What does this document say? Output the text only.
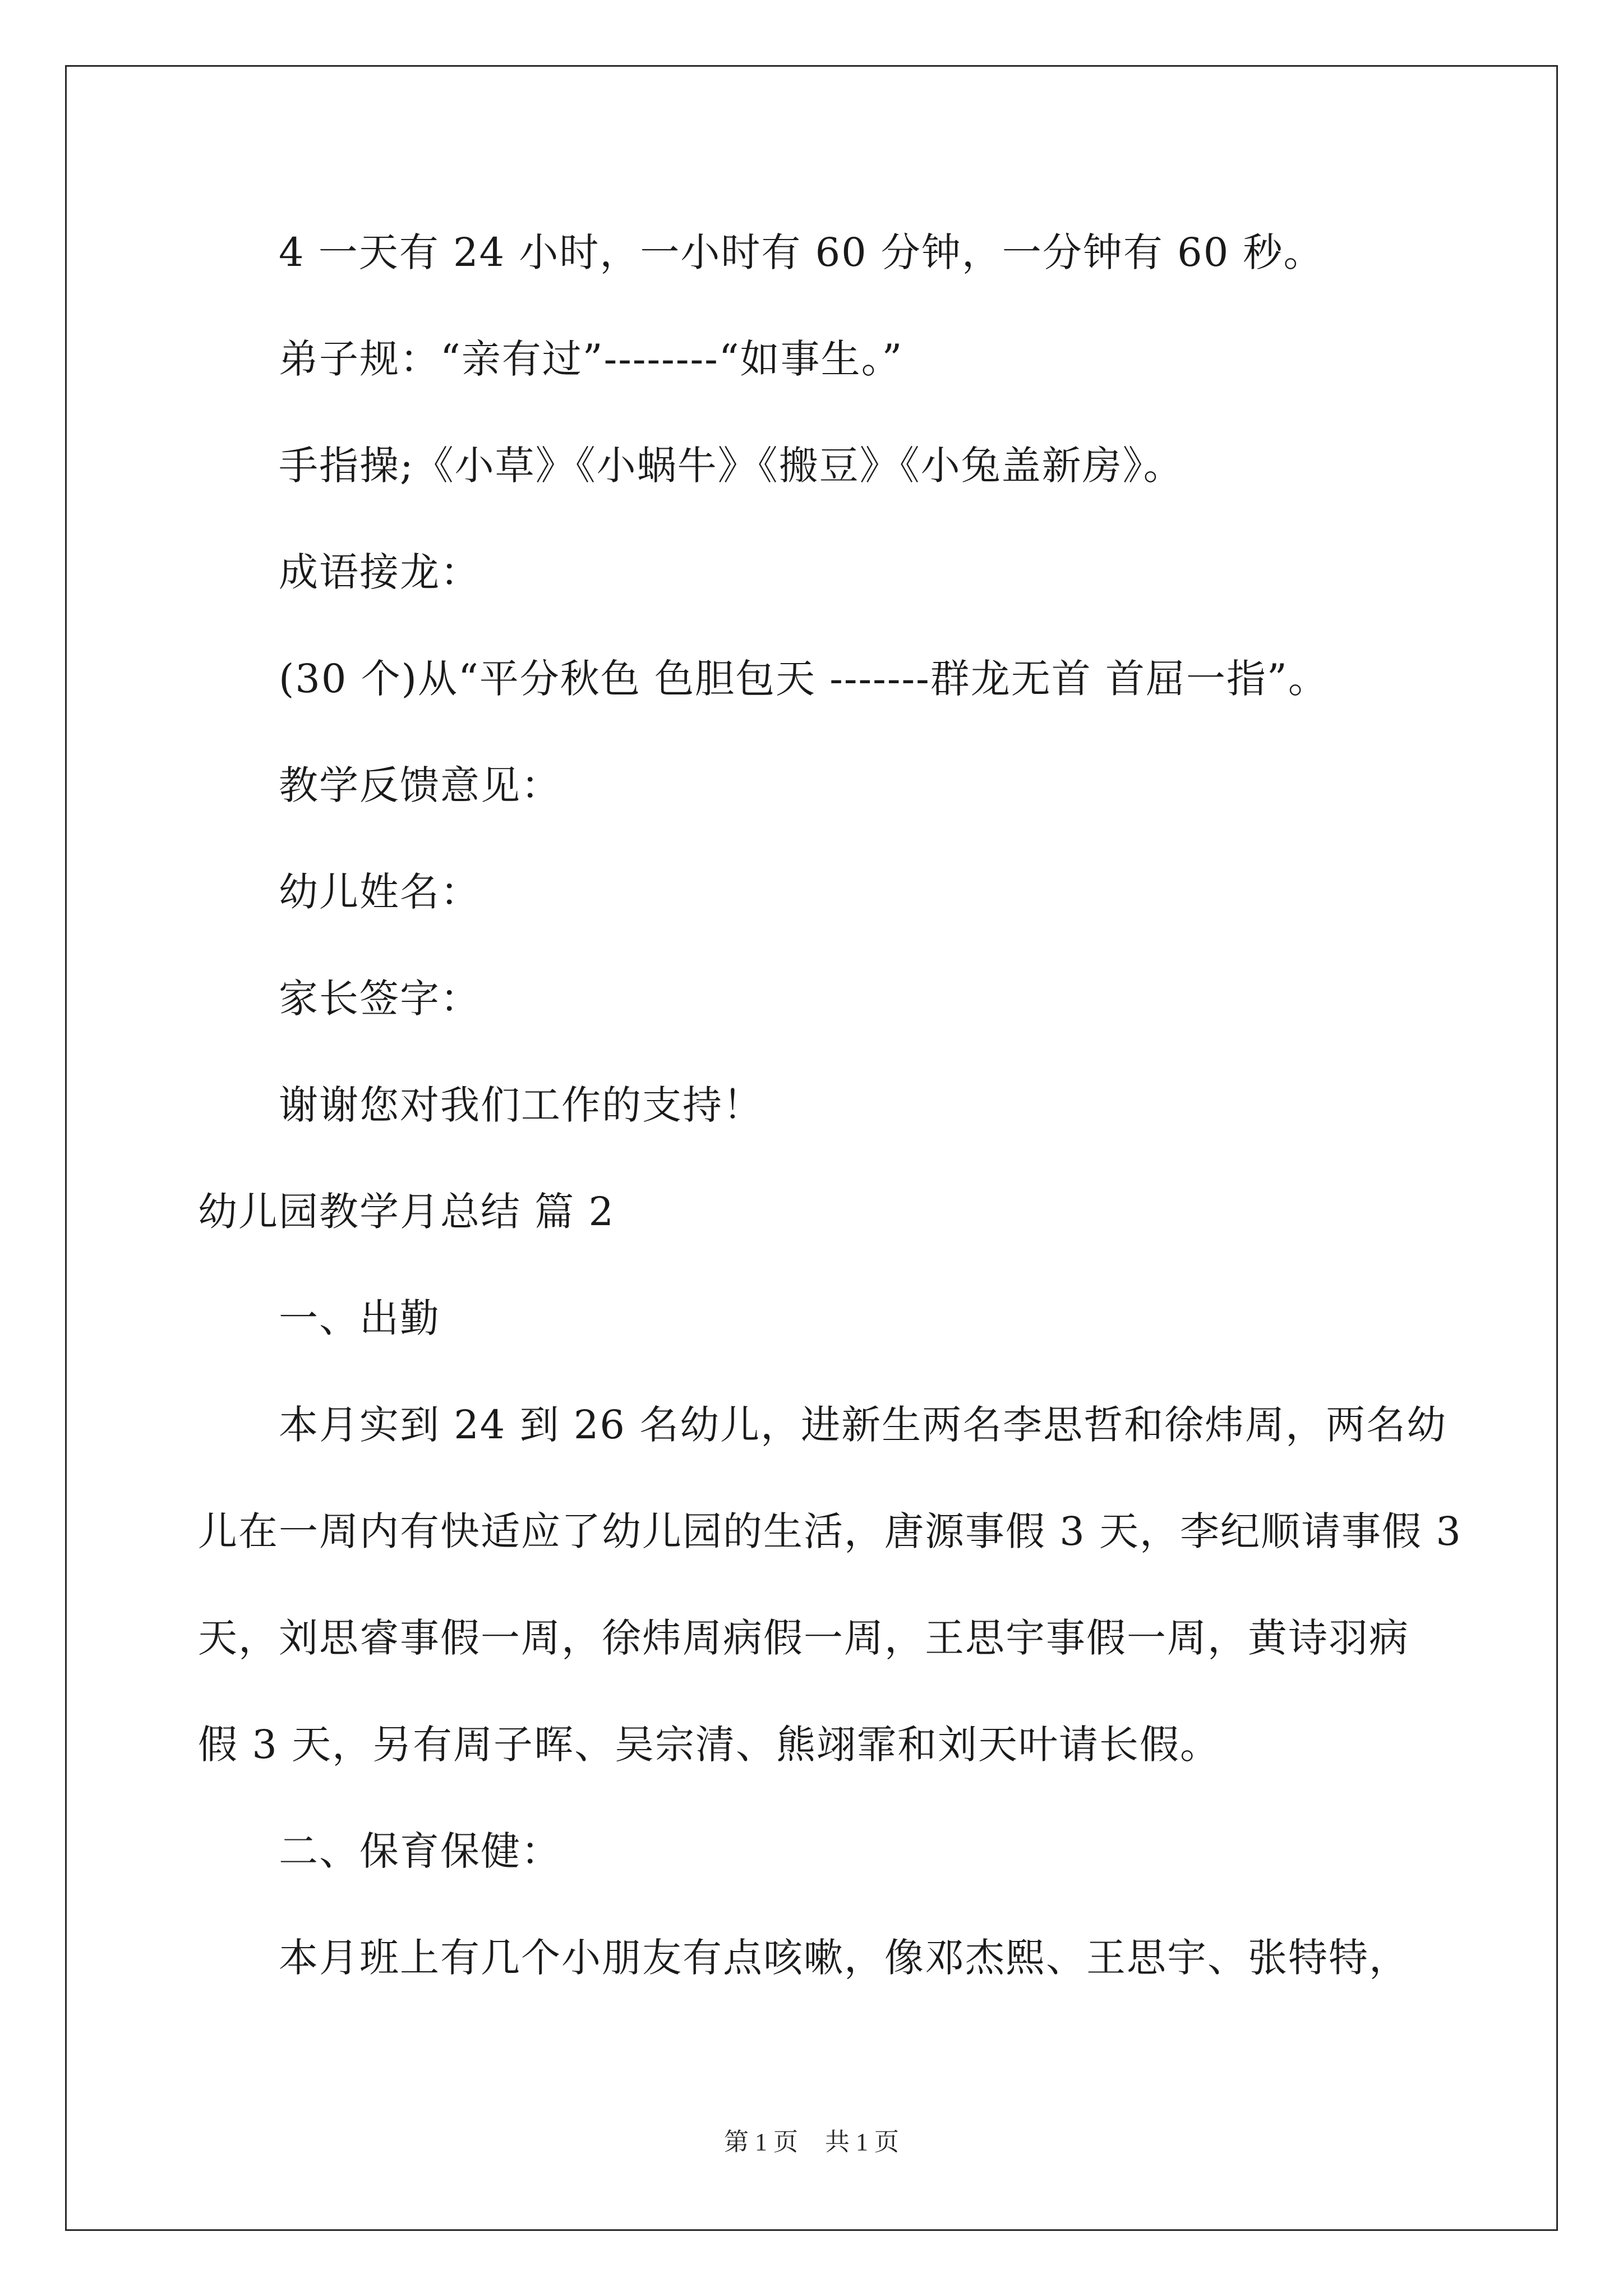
4 一天有 24 小时，一小时有 60 分钟，一分钟有 60 秒。
弟子规：“亲有过”--------“如事生。”
手指操;《小草》《小蜗牛》《搬豆》《小兔盖新房》。
成语接龙：
(30 个)从“平分秋色 色胆包天 -------群龙无首 首屈一指”。
教学反馈意见：
幼儿姓名：
家长签字：
谢谢您对我们工作的支持！
幼儿园教学月总结 篇 2
一、出勤
本月实到 24 到 26 名幼儿，进新生两名李思哲和徐炜周，两名幼
儿在一周内有快适应了幼儿园的生活，唐源事假 3 天，李纪顺请事假 3
天，刘思睿事假一周，徐炜周病假一周，王思宇事假一周，黄诗羽病
假 3 天，另有周子晖、吴宗清、熊翊霏和刘天叶请长假。
二、保育保健：
本月班上有几个小朋友有点咳嗽，像邓杰熙、王思宇、张特特，
第 1 页 共 1 页
